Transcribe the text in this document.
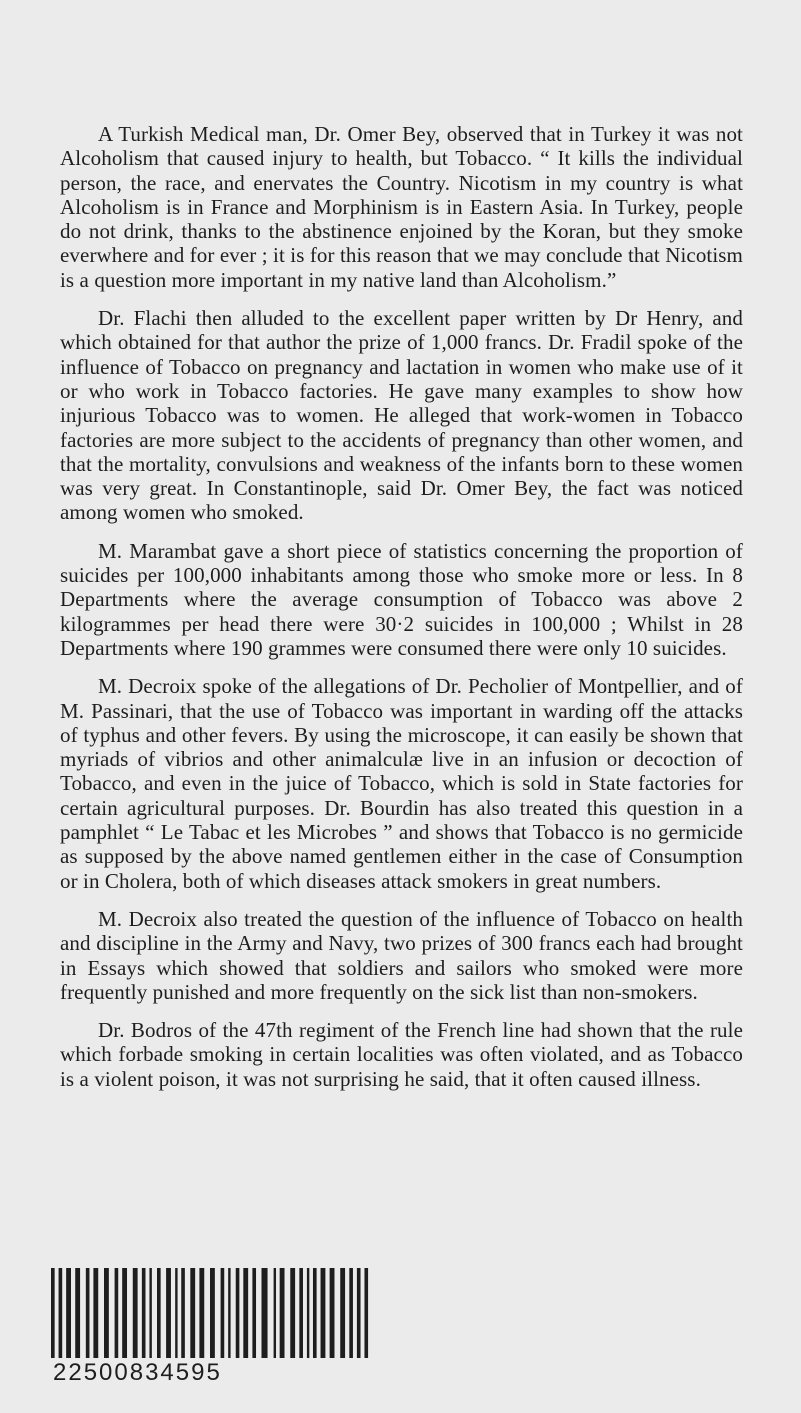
A Turkish Medical man, Dr. Omer Bey, observed that in Turkey it was not Alcoholism that caused injury to health, but Tobacco. “ It kills the individual person, the race, and enervates the Country. Nicotism in my country is what Alcoholism is in France and Morphinism is in Eastern Asia. In Turkey, people do not drink, thanks to the abstinence enjoined by the Koran, but they smoke everwhere and for ever ; it is for this reason that we may conclude that Nicotism is a question more important in my native land than Alcoholism.”

Dr. Flachi then alluded to the excellent paper written by Dr Henry, and which obtained for that author the prize of 1,000 francs. Dr. Fradil spoke of the influence of Tobacco on pregnancy and lactation in women who make use of it or who work in Tobacco factories. He gave many examples to show how injurious Tobacco was to women. He alleged that work-women in Tobacco factories are more subject to the accidents of pregnancy than other women, and that the mortality, convulsions and weakness of the infants born to these women was very great. In Constantinople, said Dr. Omer Bey, the fact was noticed among women who smoked.

M. Marambat gave a short piece of statistics concerning the proportion of suicides per 100,000 inhabitants among those who smoke more or less. In 8 Departments where the average consumption of Tobacco was above 2 kilogrammes per head there were 30·2 suicides in 100,000 ; Whilst in 28 Departments where 190 grammes were consumed there were only 10 suicides.

M. Decroix spoke of the allegations of Dr. Pecholier of Montpellier, and of M. Passinari, that the use of Tobacco was important in warding off the attacks of typhus and other fevers. By using the microscope, it can easily be shown that myriads of vibrios and other animalculæ live in an infusion or decoction of Tobacco, and even in the juice of Tobacco, which is sold in State factories for certain agricultural purposes. Dr. Bourdin has also treated this question in a pamphlet “ Le Tabac et les Microbes ” and shows that Tobacco is no germicide as supposed by the above named gentlemen either in the case of Consumption or in Cholera, both of which diseases attack smokers in great numbers.

M. Decroix also treated the question of the influence of Tobacco on health and discipline in the Army and Navy, two prizes of 300 francs each had brought in Essays which showed that soldiers and sailors who smoked were more frequently punished and more frequently on the sick list than non-smokers.

Dr. Bodros of the 47th regiment of the French line had shown that the rule which forbade smoking in certain localities was often violated, and as Tobacco is a violent poison, it was not surprising he said, that it often caused illness.

22500834595
